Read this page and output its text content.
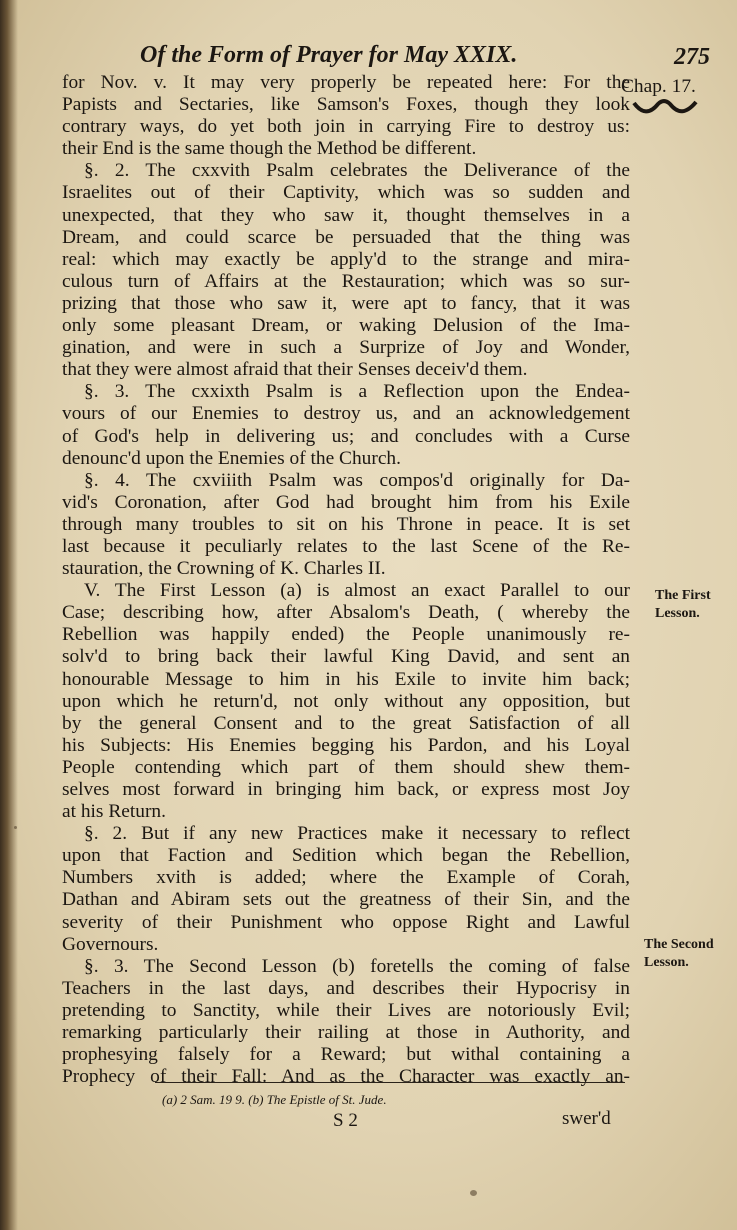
Of the Form of Prayer for May XXIX.	275
Chap. 17.
The First
Lesson.
The Second
Lesson.
for Nov. v. It may very properly be repeated here: For the
Papists and Sectaries, like Samson's Foxes, though they look
contrary ways, do yet both join in carrying Fire to destroy us:
their End is the same though the Method be different.
§. 2. The cxxvith Psalm celebrates the Deliverance of the
Israelites out of their Captivity, which was so sudden and
unexpected, that they who saw it, thought themselves in a
Dream, and could scarce be persuaded that the thing was
real: which may exactly be apply'd to the strange and mira-
culous turn of Affairs at the Restauration; which was so sur-
prizing that those who saw it, were apt to fancy, that it was
only some pleasant Dream, or waking Delusion of the Ima-
gination, and were in such a Surprize of Joy and Wonder,
that they were almost afraid that their Senses deceiv'd them.
§. 3. The cxxixth Psalm is a Reflection upon the Endea-
vours of our Enemies to destroy us, and an acknowledgement
of God's help in delivering us; and concludes with a Curse
denounc'd upon the Enemies of the Church.
§. 4. The cxviiith Psalm was compos'd originally for Da-
vid's Coronation, after God had brought him from his Exile
through many troubles to sit on his Throne in peace. It is set
last because it peculiarly relates to the last Scene of the Re-
stauration, the Crowning of K. Charles II.
V. The First Lesson (a) is almost an exact Parallel to our
Case; describing how, after Absalom's Death, ( whereby the
Rebellion was happily ended) the People unanimously re-
solv'd to bring back their lawful King David, and sent an
honourable Message to him in his Exile to invite him back;
upon which he return'd, not only without any opposition, but
by the general Consent and to the great Satisfaction of all
his Subjects: His Enemies begging his Pardon, and his Loyal
People contending which part of them should shew them-
selves most forward in bringing him back, or express most Joy
at his Return.
§. 2. But if any new Practices make it necessary to reflect
upon that Faction and Sedition which began the Rebellion,
Numbers xvith is added; where the Example of Corah,
Dathan and Abiram sets out the greatness of their Sin, and the
severity of their Punishment who oppose Right and Lawful
Governours.
§. 3. The Second Lesson (b) foretells the coming of false
Teachers in the last days, and describes their Hypocrisy in
pretending to Sanctity, while their Lives are notoriously Evil;
remarking particularly their railing at those in Authority, and
prophesying falsely for a Reward; but withal containing a
Prophecy of their Fall: And as the Character was exactly an-
(a) 2 Sam. 19 9. (b) The Epistle of St. Jude.
S 2	swer'd
